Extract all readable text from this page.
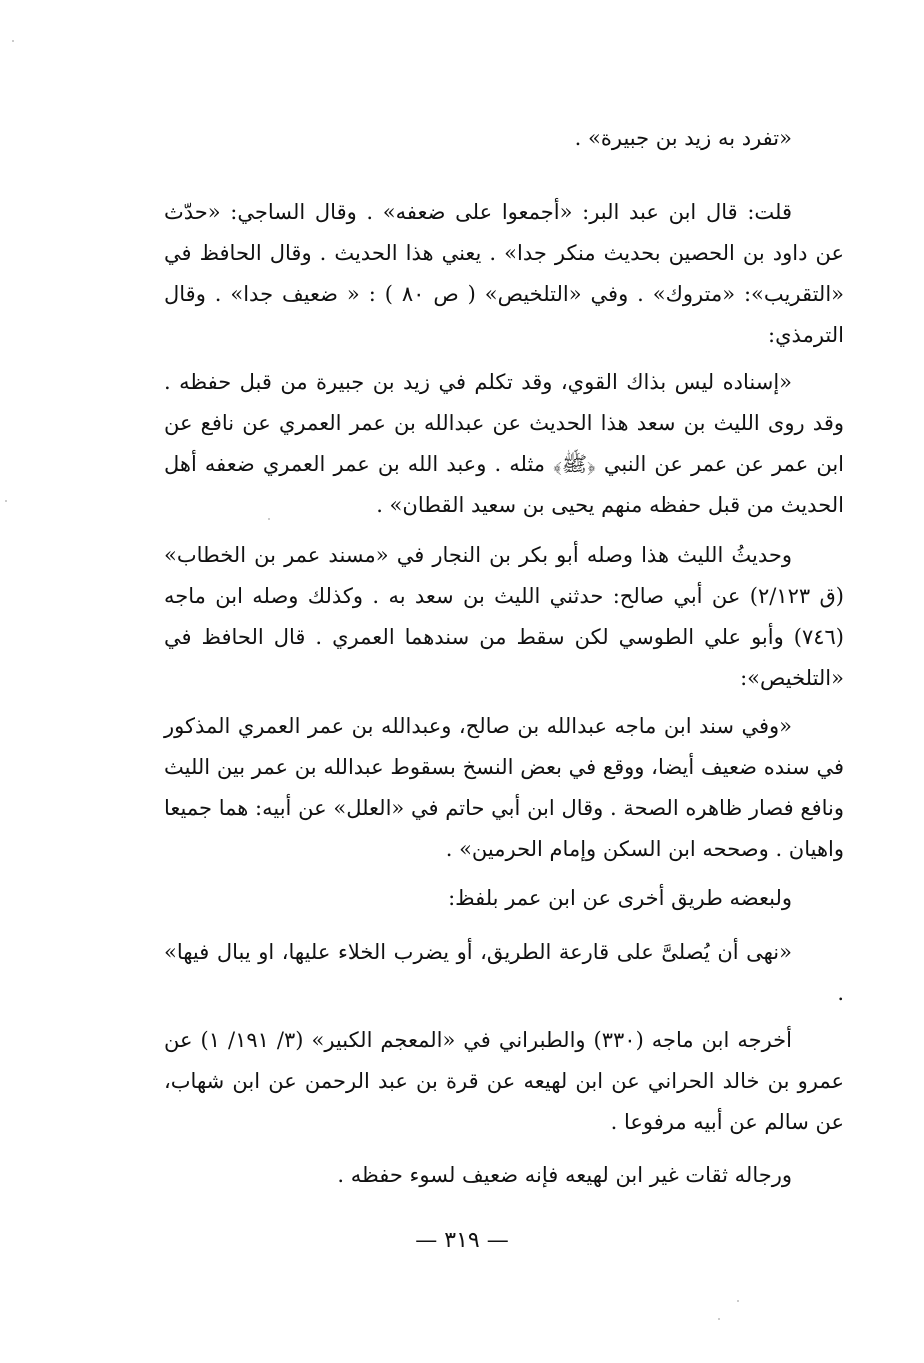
«تفرد به زيد بن جبيرة» .
قلت: قال ابن عبد البر: «أجمعوا على ضعفه» . وقال الساجي: «حدّث عن داود بن الحصين بحديث منكر جدا» . يعني هذا الحديث . وقال الحافظ في «التقريب»: «متروك» . وفي «التلخيص» ( ص ٨٠ ) : « ضعيف جدا» . وقال الترمذي:
«إسناده ليس بذاك القوي، وقد تكلم في زيد بن جبيرة من قبل حفظه . وقد روى الليث بن سعد هذا الحديث عن عبدالله بن عمر العمري عن نافع عن ابن عمر عن عمر عن النبي ﴿ﷺ﴾ مثله . وعبد الله بن عمر العمري ضعفه أهل الحديث من قبل حفظه منهم يحيى بن سعيد القطان» .
وحديثُ الليث هذا وصله أبو بكر بن النجار في «مسند عمر بن الخطاب» (ق ٢/١٢٣) عن أبي صالح: حدثني الليث بن سعد به . وكذلك وصله ابن ماجه (٧٤٦) وأبو علي الطوسي لكن سقط من سندهما العمري . قال الحافظ في «التلخيص»:
«وفي سند ابن ماجه عبدالله بن صالح، وعبدالله بن عمر العمري المذكور في سنده ضعيف أيضا، ووقع في بعض النسخ بسقوط عبدالله بن عمر بين الليث ونافع فصار ظاهره الصحة . وقال ابن أبي حاتم في «العلل» عن أبيه: هما جميعا واهيان . وصححه ابن السكن وإمام الحرمين» .
ولبعضه طريق أخرى عن ابن عمر بلفظ:
«نهى أن يُصلىَّ على قارعة الطريق، أو يضرب الخلاء عليها، او يبال فيها» .
أخرجه ابن ماجه (٣٣٠) والطبراني في «المعجم الكبير» (٣/ ١٩١/ ١) عن عمرو بن خالد الحراني عن ابن لهيعه عن قرة بن عبد الرحمن عن ابن شهاب، عن سالم عن أبيه مرفوعا .
ورجاله ثقات غير ابن لهيعه فإنه ضعيف لسوء حفظه .
— ٣١٩ —
